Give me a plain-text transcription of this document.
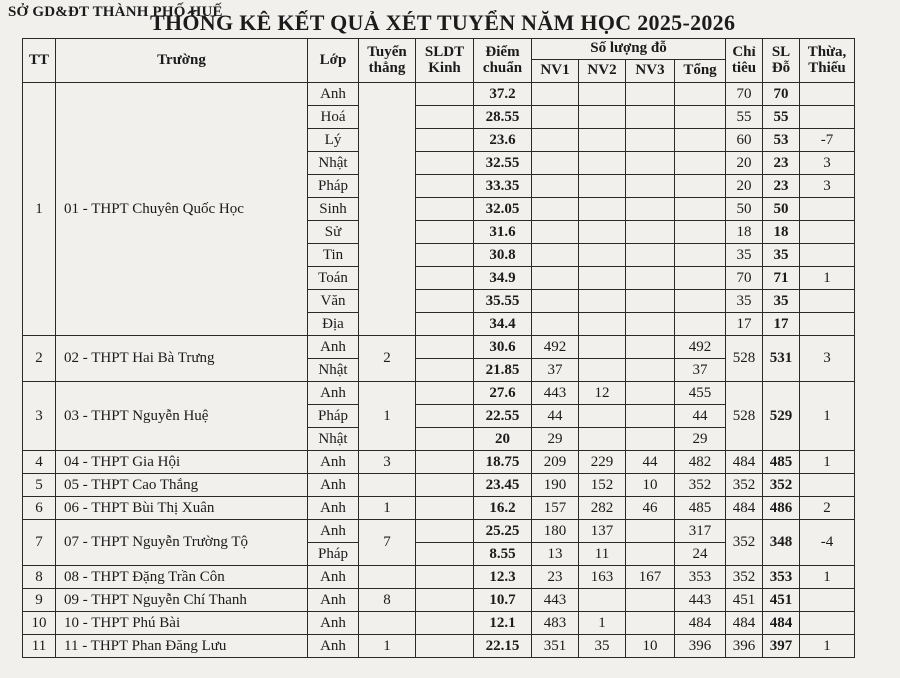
SỞ GD&ĐT THÀNH PHỐ HUẾ
THỐNG KÊ KẾT QUẢ XÉT TUYỂN NĂM HỌC 2025-2026
TT	Trường	Lớp	Tuyển thẳng	SLDT Kinh	Điểm chuẩn	Số lượng đỗ				Chỉ tiêu	SL Đỗ	Thừa, Thiếu

						NV1	NV2	NV3	Tổng			
1	01 - THPT Chuyên Quốc Học	Anh			37.2					70	70	
		Hoá			28.55					55	55	
		Lý			23.6					60	53	-7
		Nhật			32.55					20	23	3
		Pháp			33.35					20	23	3
		Sinh			32.05					50	50	
		Sử			31.6					18	18	
		Tin			30.8					35	35	
		Toán			34.9					70	71	1
		Văn			35.55					35	35	
		Địa			34.4					17	17	
2	02 - THPT Hai Bà Trưng	Anh	2		30.6	492			492	528	531	3
		Nhật			21.85	37			37			
3	03 - THPT Nguyễn Huệ	Anh	1		27.6	443	12		455	528	529	1
		Pháp			22.55	44			44			
		Nhật			20	29			29			
4	04 - THPT Gia Hội	Anh	3		18.75	209	229	44	482	484	485	1
5	05 - THPT Cao Thắng	Anh			23.45	190	152	10	352	352	352	
6	06 - THPT Bùi Thị Xuân	Anh	1		16.2	157	282	46	485	484	486	2
7	07 - THPT Nguyễn Trường Tộ	Anh	7		25.25	180	137		317	352	348	-4
		Pháp			8.55	13	11		24			
8	08 - THPT Đặng Trần Côn	Anh			12.3	23	163	167	353	352	353	1
9	09 - THPT Nguyễn Chí Thanh	Anh	8		10.7	443			443	451	451	
10	10 - THPT Phú Bài	Anh			12.1	483	1		484	484	484	
11	11 - THPT Phan Đăng Lưu	Anh	1		22.15	351	35	10	396	396	397	1
